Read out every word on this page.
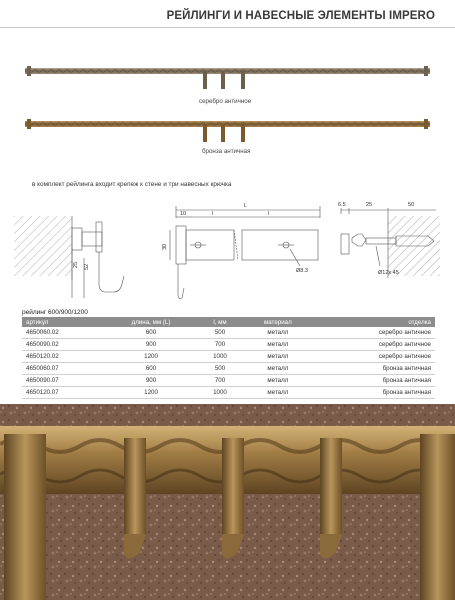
РЕЙЛИНГИ И НАВЕСНЫЕ ЭЛЕМЕНТЫ IMPERO
серебро античное
бронза античная
в комплект рейлинга входит крепеж к стене и три навесных крючка
52
25
L
10	l	l
30
Ø8.3
6.5	25	50
Ø12x 45
рейлинг 600/900/1200
артикул	длина, мм (L)	l, мм	материал	отделка
4650060.02	600	500	металл	серебро античное
4650090.02	900	700	металл	серебро античное
4650120.02	1200	1000	металл	серебро античное
4650060.07	600	500	металл	бронза античная
4650090.07	900	700	металл	бронза античная
4650120.07	1200	1000	металл	бронза античная
